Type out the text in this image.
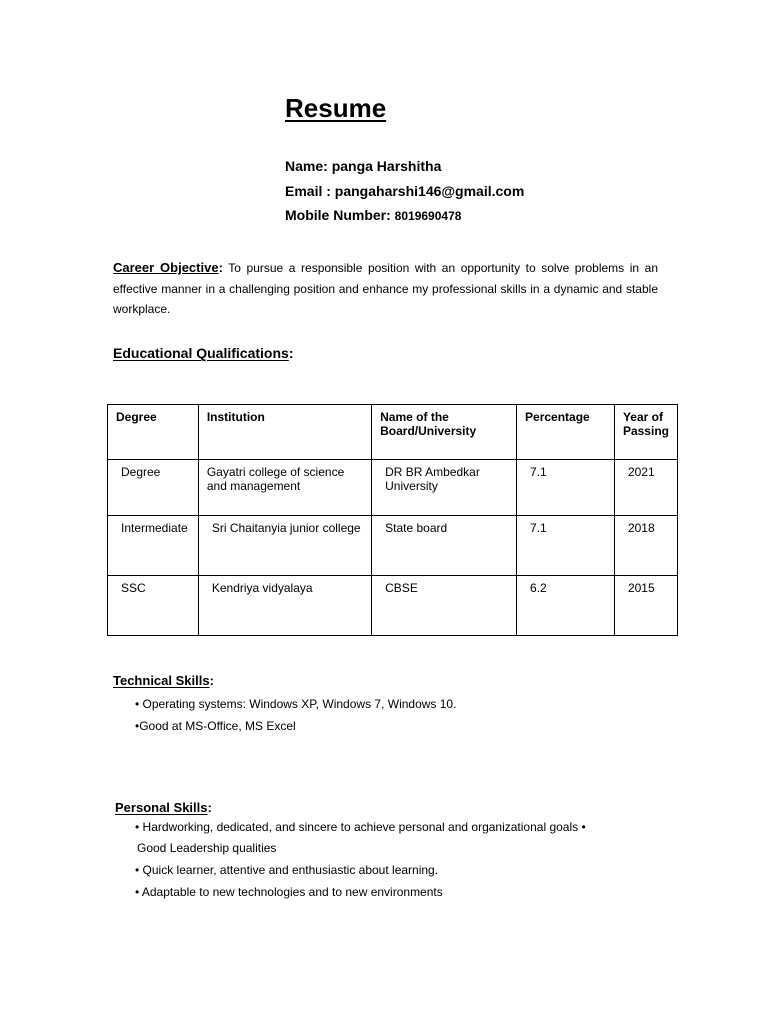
Resume
Name: panga Harshitha
Email : pangaharshi146@gmail.com
Mobile Number: 8019690478
Career Objective: To pursue a responsible position with an opportunity to solve problems in an effective manner in a challenging position and enhance my professional skills in a dynamic and stable workplace.
Educational Qualifications:
Degree	Institution	Name of the Board/University	Percentage	Year of Passing
Degree	Gayatri college of science and management	DR BR Ambedkar University	7.1	2021
Intermediate	Sri Chaitanyia junior college	State board	7.1	2018
SSC	Kendriya vidyalaya	CBSE	6.2	2015
Technical Skills:
• Operating systems: Windows XP, Windows 7, Windows 10.
•Good at MS-Office, MS Excel
Personal Skills:
• Hardworking, dedicated, and sincere to achieve personal and organizational goals •
Good Leadership qualities
• Quick learner, attentive and enthusiastic about learning.
• Adaptable to new technologies and to new environments
